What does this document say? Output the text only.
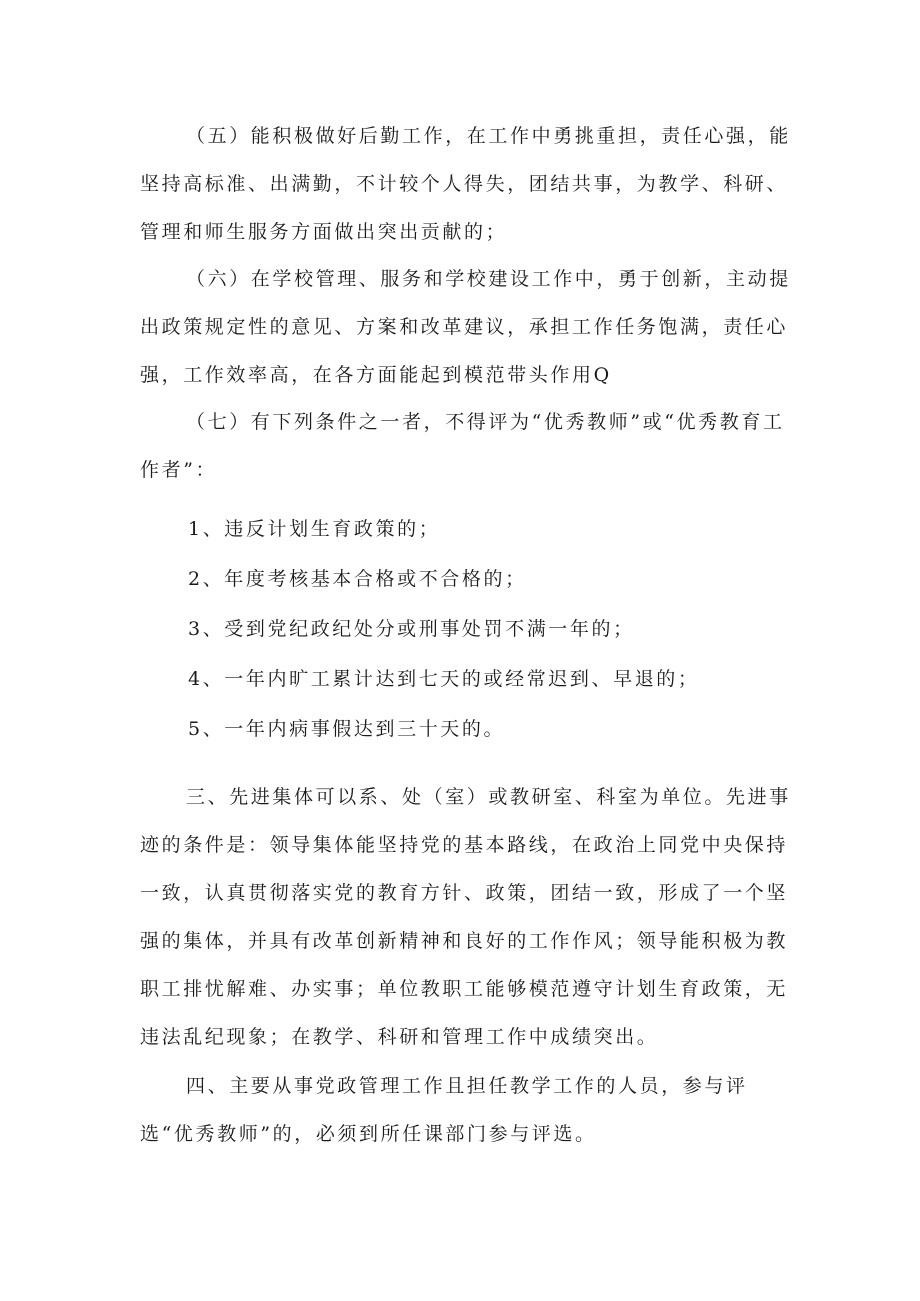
（五）能积极做好后勤工作，在工作中勇挑重担，责任心强，能坚持高标准、出满勤，不计较个人得失，团结共事，为教学、科研、管理和师生服务方面做出突出贡献的；

（六）在学校管理、服务和学校建设工作中，勇于创新，主动提出政策规定性的意见、方案和改革建议，承担工作任务饱满，责任心强，工作效率高，在各方面能起到模范带头作用Q

（七）有下列条件之一者，不得评为“优秀教师”或“优秀教育工作者”：

1、违反计划生育政策的；

2、年度考核基本合格或不合格的；

3、受到党纪政纪处分或刑事处罚不满一年的；

4、一年内旷工累计达到七天的或经常迟到、早退的；

5、一年内病事假达到三十天的。

三、先进集体可以系、处（室）或教研室、科室为单位。先进事迹的条件是：领导集体能坚持党的基本路线，在政治上同党中央保持一致，认真贯彻落实党的教育方针、政策，团结一致，形成了一个坚强的集体，并具有改革创新精神和良好的工作作风；领导能积极为教职工排忧解难、办实事；单位教职工能够模范遵守计划生育政策，无违法乱纪现象；在教学、科研和管理工作中成绩突出。

四、主要从事党政管理工作且担任教学工作的人员，参与评选“优秀教师”的，必须到所任课部门参与评选。
